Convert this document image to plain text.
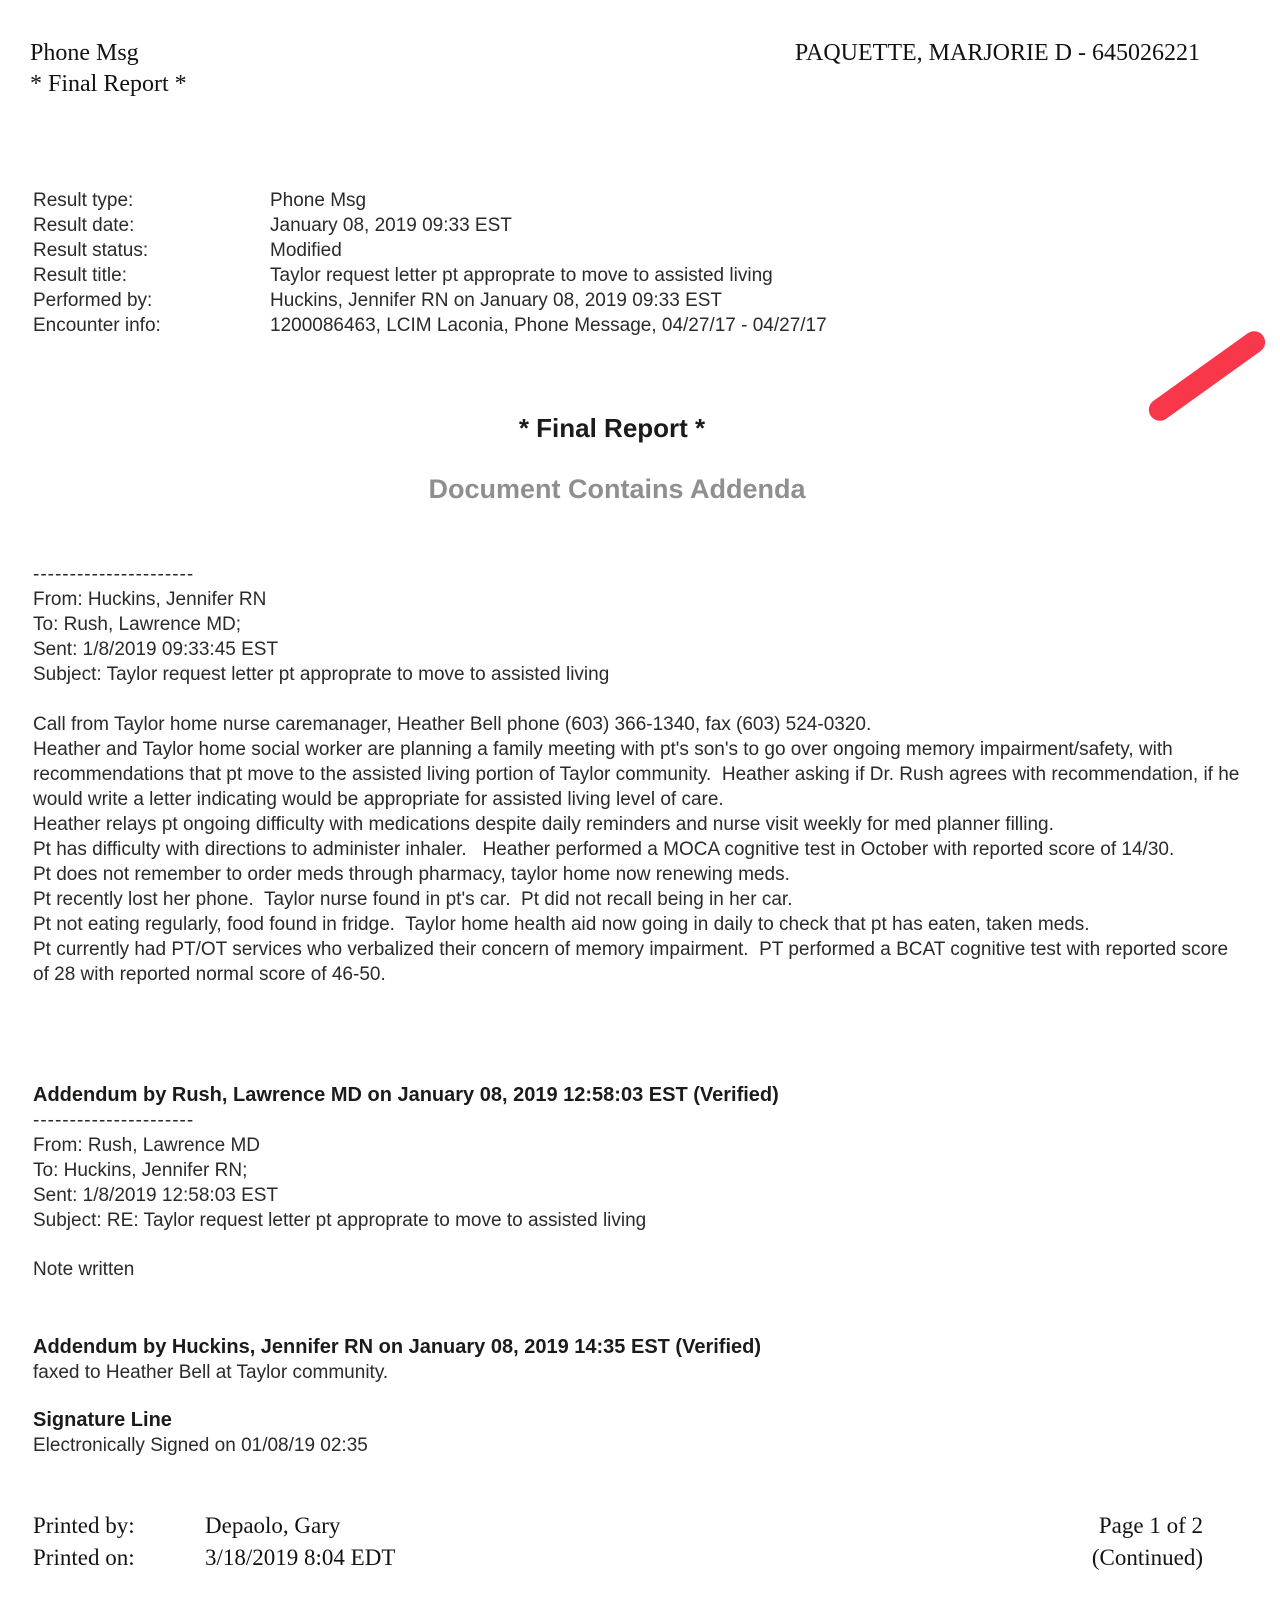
Phone Msg
* Final Report *
PAQUETTE, MARJORIE D - 645026221
Result type:	Phone Msg
Result date:	January 08, 2019 09:33 EST
Result status:	Modified
Result title:	Taylor request letter pt approprate to move to assisted living
Performed by:	Huckins, Jennifer RN on January 08, 2019 09:33 EST
Encounter info:	1200086463, LCIM Laconia, Phone Message, 04/27/17 - 04/27/17
* Final Report *
Document Contains Addenda
----------------------
From: Huckins, Jennifer RN
To: Rush, Lawrence MD;
Sent: 1/8/2019 09:33:45 EST
Subject: Taylor request letter pt approprate to move to assisted living
Call from Taylor home nurse caremanager, Heather Bell phone (603) 366-1340, fax (603) 524-0320.
Heather and Taylor home social worker are planning a family meeting with pt's son's to go over ongoing memory impairment/safety, with recommendations that pt move to the assisted living portion of Taylor community.  Heather asking if Dr. Rush agrees with recommendation, if he would write a letter indicating would be appropriate for assisted living level of care.
Heather relays pt ongoing difficulty with medications despite daily reminders and nurse visit weekly for med planner filling.
Pt has difficulty with directions to administer inhaler.   Heather performed a MOCA cognitive test in October with reported score of 14/30.
Pt does not remember to order meds through pharmacy, taylor home now renewing meds.
Pt recently lost her phone.  Taylor nurse found in pt's car.  Pt did not recall being in her car.
Pt not eating regularly, food found in fridge.  Taylor home health aid now going in daily to check that pt has eaten, taken meds.
Pt currently had PT/OT services who verbalized their concern of memory impairment.  PT performed a BCAT cognitive test with reported score of 28 with reported normal score of 46-50.
Addendum by Rush, Lawrence MD on January 08, 2019 12:58:03 EST (Verified)
----------------------
From: Rush, Lawrence MD
To: Huckins, Jennifer RN;
Sent: 1/8/2019 12:58:03 EST
Subject: RE: Taylor request letter pt approprate to move to assisted living
Note written
Addendum by Huckins, Jennifer RN on January 08, 2019 14:35 EST (Verified)
faxed to Heather Bell at Taylor community.
Signature Line
Electronically Signed on 01/08/19 02:35
Printed by:	Depaolo, Gary
Printed on:	3/18/2019 8:04 EDT
Page 1 of 2
(Continued)
